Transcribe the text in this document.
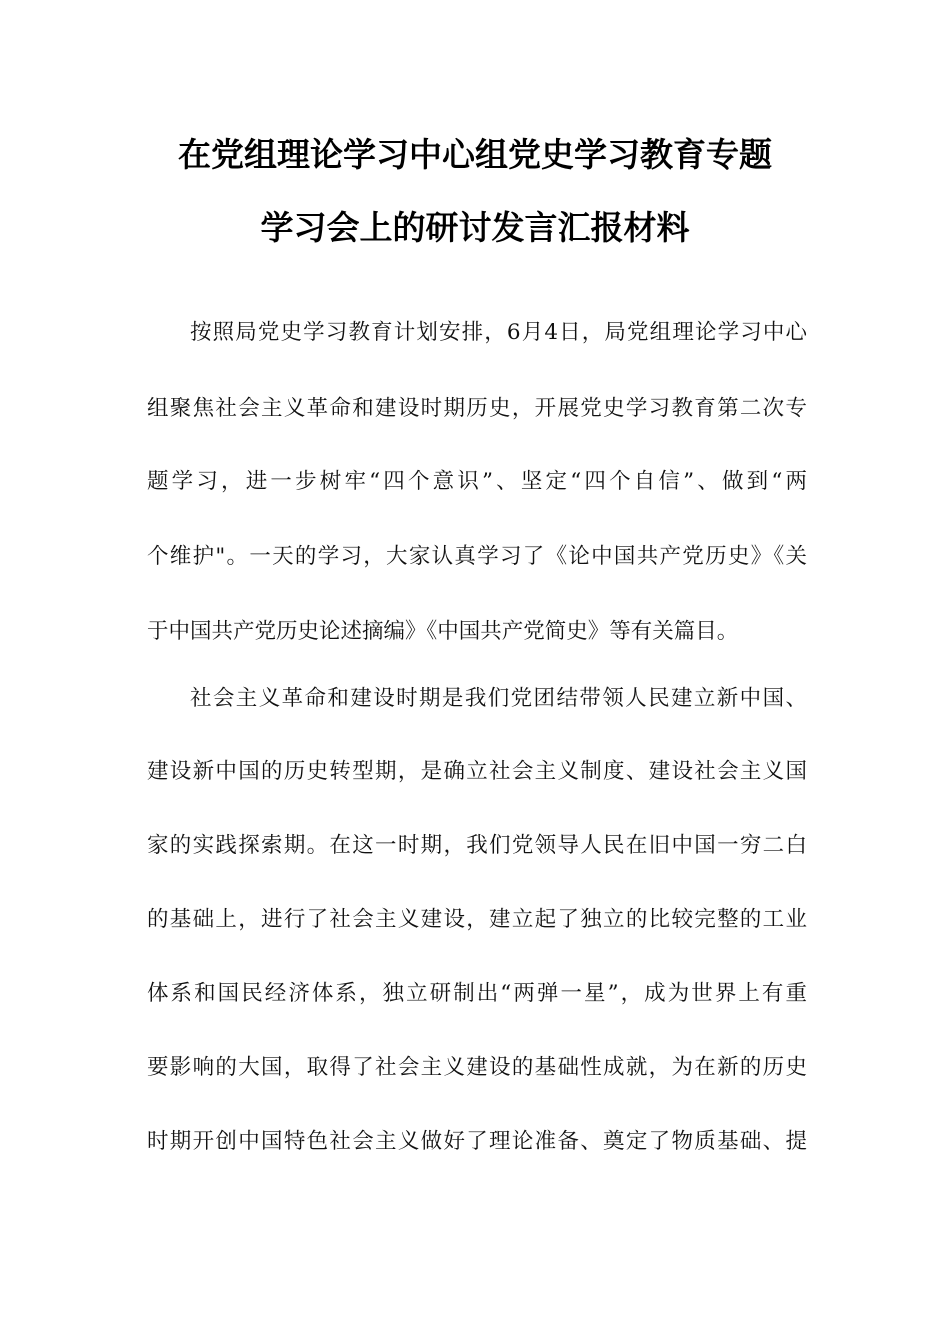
在党组理论学习中心组党史学习教育专题
学习会上的研讨发言汇报材料
按照局党史学习教育计划安排，6月4日，局党组理论学习中心
组聚焦社会主义革命和建设时期历史，开展党史学习教育第二次专
题学习，进一步树牢“四个意识”、坚定“四个自信”、做到“两
个维护"。一天的学习，大家认真学习了《论中国共产党历史》《关
于中国共产党历史论述摘编》《中国共产党简史》等有关篇目。
社会主义革命和建设时期是我们党团结带领人民建立新中国、
建设新中国的历史转型期，是确立社会主义制度、建设社会主义国
家的实践探索期。在这一时期，我们党领导人民在旧中国一穷二白
的基础上，进行了社会主义建设，建立起了独立的比较完整的工业
体系和国民经济体系，独立研制出“两弹一星”，成为世界上有重
要影响的大国，取得了社会主义建设的基础性成就，为在新的历史
时期开创中国特色社会主义做好了理论准备、奠定了物质基础、提
